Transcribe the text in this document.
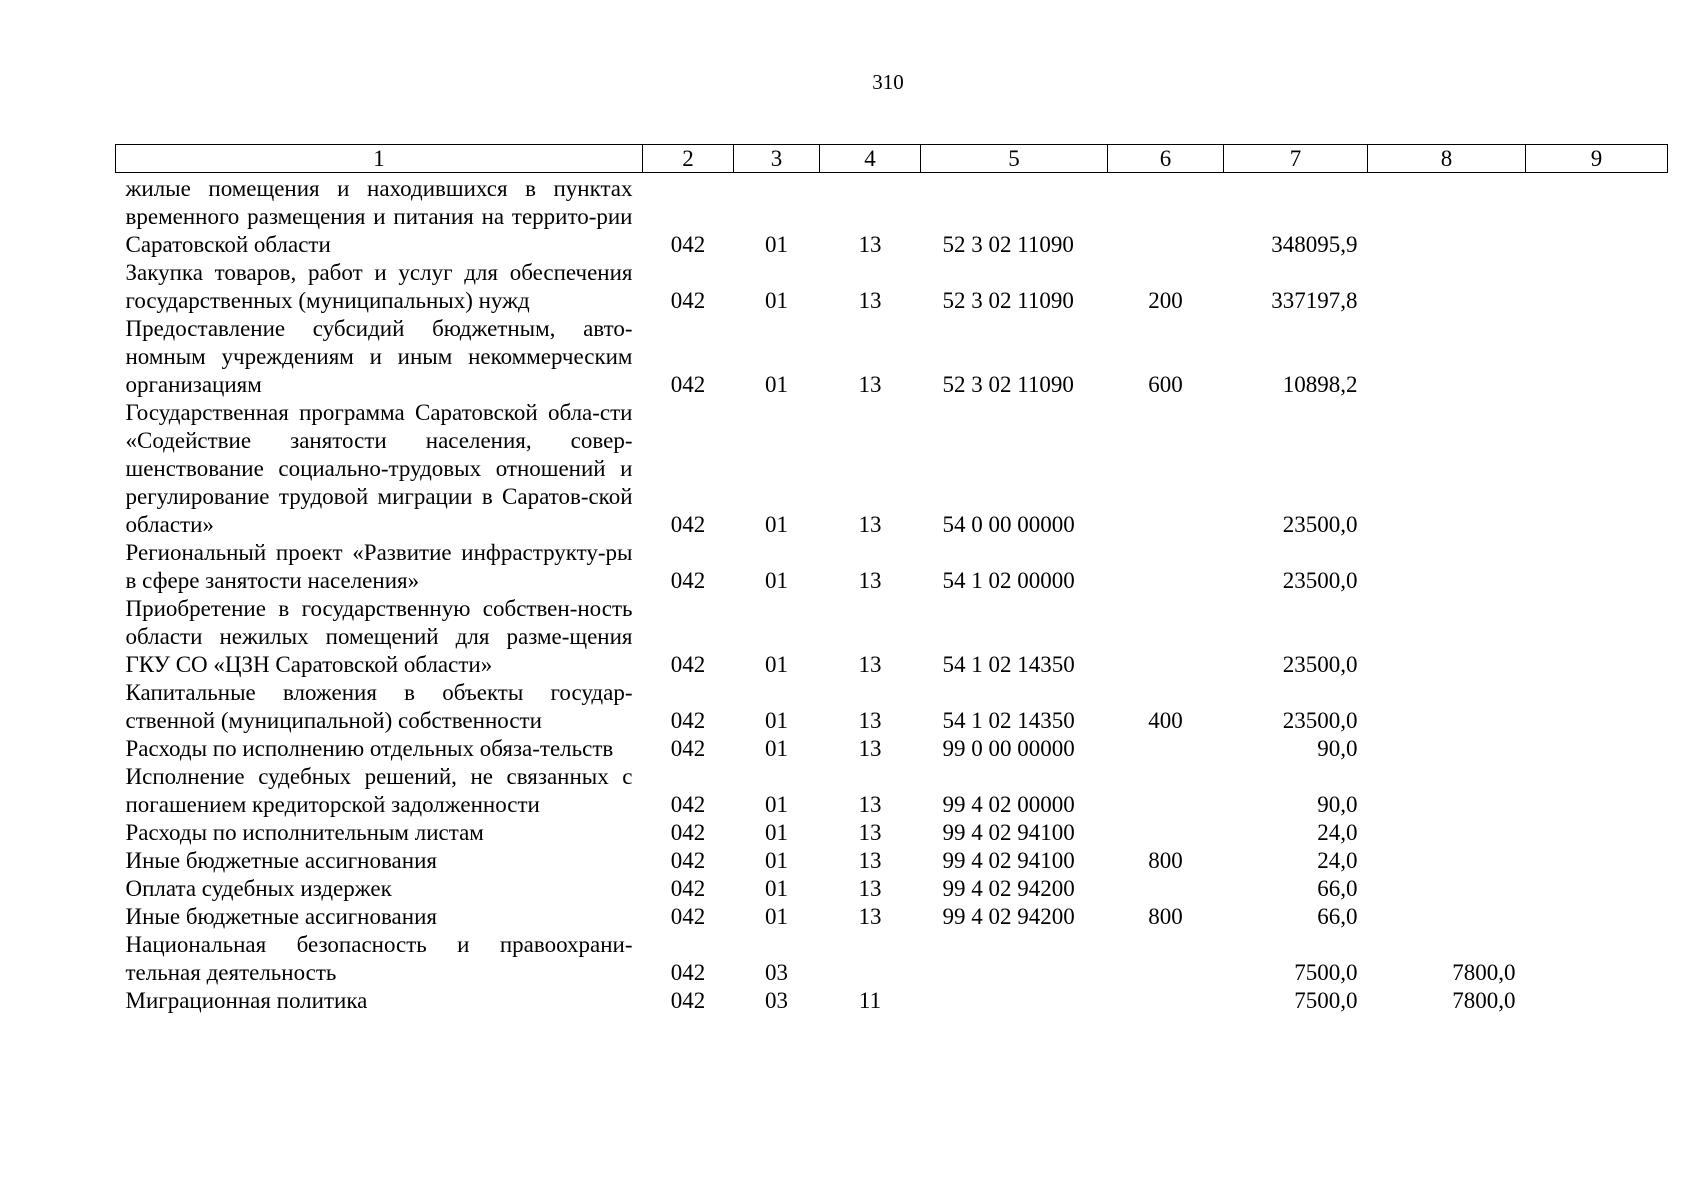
310
1	2	3	4	5	6	7	8	9
жилые помещения и находившихся в пунктах временного размещения и питания на террито-рии Саратовской области	042	01	13	52 3 02 11090		348095,9		
Закупка товаров, работ и услуг для обеспечения государственных (муниципальных) нужд	042	01	13	52 3 02 11090	200	337197,8		
Предоставление субсидий бюджетным, авто-номным учреждениям и иным некоммерческим организациям	042	01	13	52 3 02 11090	600	10898,2		
Государственная программа Саратовской обла-сти «Содействие занятости населения, совер-шенствование социально-трудовых отношений и регулирование трудовой миграции в Саратов-ской области»	042	01	13	54 0 00 00000		23500,0		
Региональный проект «Развитие инфраструкту-ры в сфере занятости населения»	042	01	13	54 1 02 00000		23500,0		
Приобретение в государственную собствен-ность области нежилых помещений для разме-щения ГКУ СО «ЦЗН Саратовской области»	042	01	13	54 1 02 14350		23500,0		
Капитальные вложения в объекты государ-ственной (муниципальной) собственности	042	01	13	54 1 02 14350	400	23500,0		
Расходы по исполнению отдельных обяза-тельств	042	01	13	99 0 00 00000		90,0		
Исполнение судебных решений, не связанных с погашением кредиторской задолженности	042	01	13	99 4 02 00000		90,0		
Расходы по исполнительным листам	042	01	13	99 4 02 94100		24,0		
Иные бюджетные ассигнования	042	01	13	99 4 02 94100	800	24,0		
Оплата судебных издержек	042	01	13	99 4 02 94200		66,0		
Иные бюджетные ассигнования	042	01	13	99 4 02 94200	800	66,0		
Национальная безопасность и правоохрани-тельная деятельность	042	03				7500,0	7800,0	
Миграционная политика	042	03	11			7500,0	7800,0	
